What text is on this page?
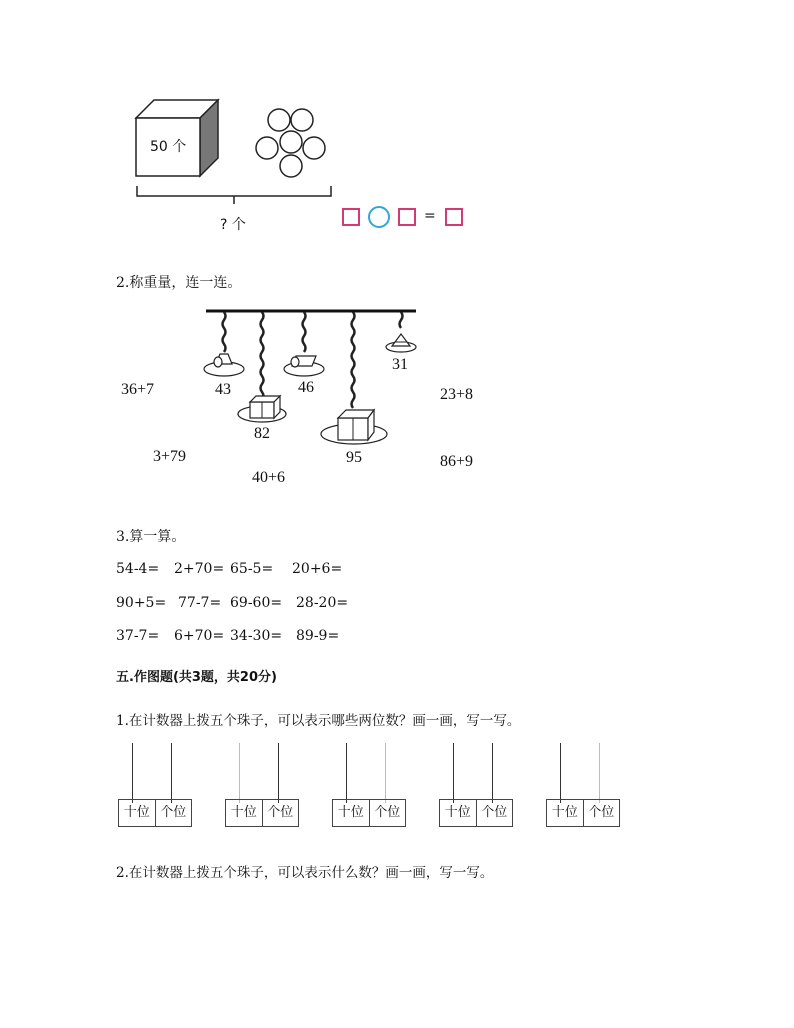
50 个
? 个
=
2.称重量，连一连。
43	46
31
82
95
36+7	23+8
3+79	86+9
40+6
3.算一算。
54-4= 2+70= 65-5= 20+6=
90+5= 77-7= 69-60= 28-20=
37-7= 6+70= 34-30= 89-9=
五.作图题(共3题，共20分)
1.在计数器上拨五个珠子，可以表示哪些两位数？画一画，写一写。
十位 个位	十位 个位	十位 个位	十位 个位	十位 个位
2.在计数器上拨五个珠子，可以表示什么数？画一画，写一写。
